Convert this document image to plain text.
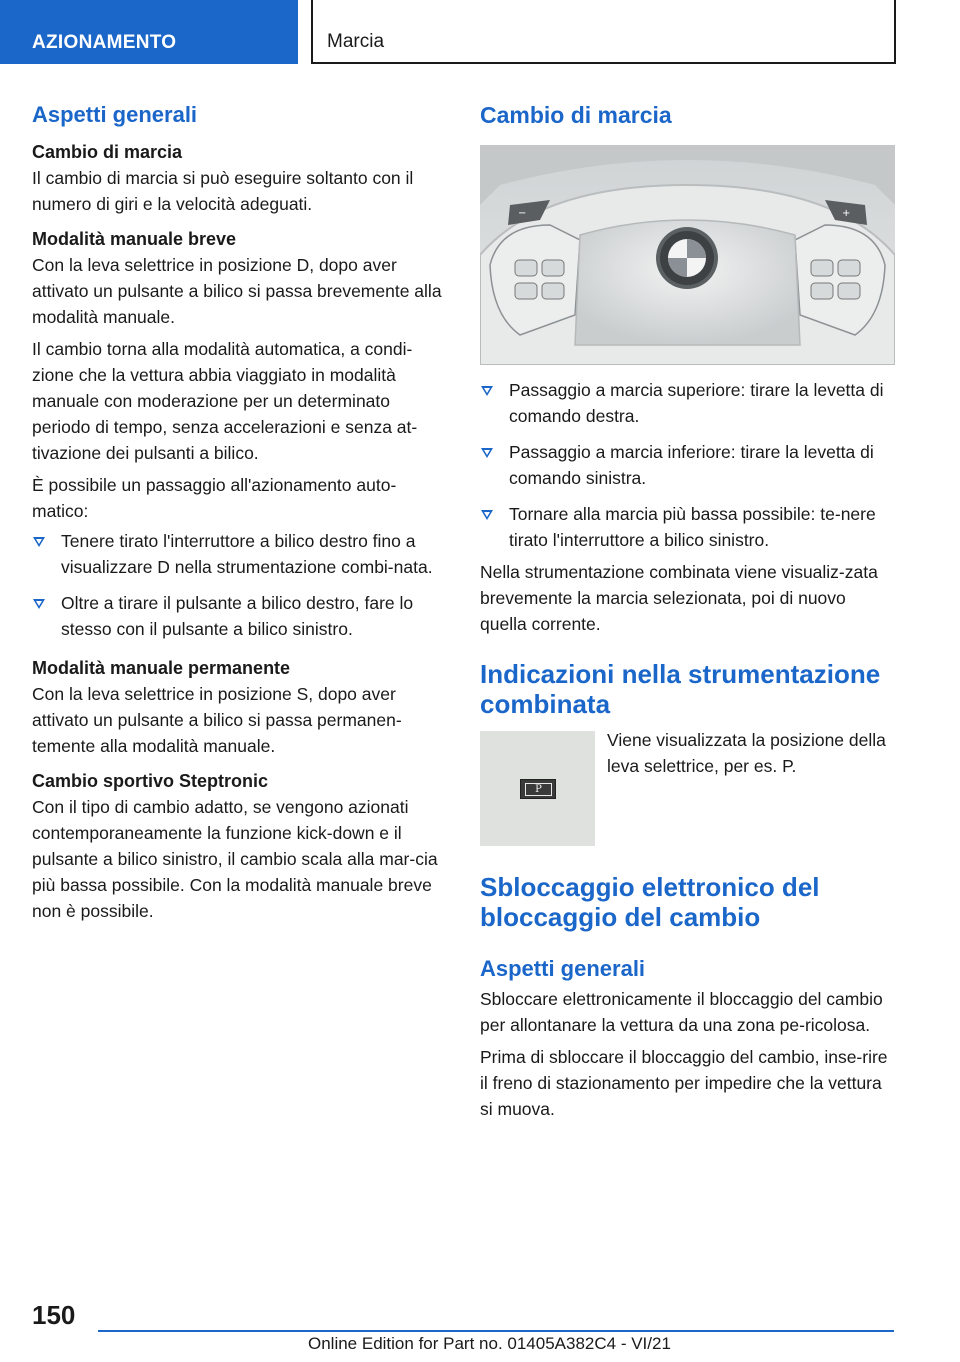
AZIONAMENTO	Marcia
Aspetti generali
Cambio di marcia

Il cambio di marcia si può eseguire soltanto con il numero di giri e la velocità adeguati.

Modalità manuale breve

Con la leva selettrice in posizione D, dopo aver attivato un pulsante a bilico si passa brevemente alla modalità manuale.

Il cambio torna alla modalità automatica, a condi-zione che la vettura abbia viaggiato in modalità manuale con moderazione per un determinato periodo di tempo, senza accelerazioni e senza at-tivazione dei pulsanti a bilico.

È possibile un passaggio all'azionamento auto-matico:

Tenere tirato l'interruttore a bilico destro fino a visualizzare D nella strumentazione combi-nata.
Oltre a tirare il pulsante a bilico destro, fare lo stesso con il pulsante a bilico sinistro.
Modalità manuale permanente

Con la leva selettrice in posizione S, dopo aver attivato un pulsante a bilico si passa permanen-temente alla modalità manuale.

Cambio sportivo Steptronic

Con il tipo di cambio adatto, se vengono azionati contemporaneamente la funzione kick-down e il pulsante a bilico sinistro, il cambio scala alla mar-cia più bassa possibile. Con la modalità manuale breve non è possibile.

Cambio di marcia
−	+
Passaggio a marcia superiore: tirare la levetta di comando destra.
Passaggio a marcia inferiore: tirare la levetta di comando sinistra.
Tornare alla marcia più bassa possibile: te-nere tirato l'interruttore a bilico sinistro.

Nella strumentazione combinata viene visualiz-zata brevemente la marcia selezionata, poi di nuovo quella corrente.

Indicazioni nella strumentazione combinata
P

Viene visualizzata la posizione della leva selettrice, per es. P.

Sbloccaggio elettronico del bloccaggio del cambio
Aspetti generali

Sbloccare elettronicamente il bloccaggio del cambio per allontanare la vettura da una zona pe-ricolosa.

Prima di sbloccare il bloccaggio del cambio, inse-rire il freno di stazionamento per impedire che la vettura si muova.

150
Online Edition for Part no. 01405A382C4 - VI/21
